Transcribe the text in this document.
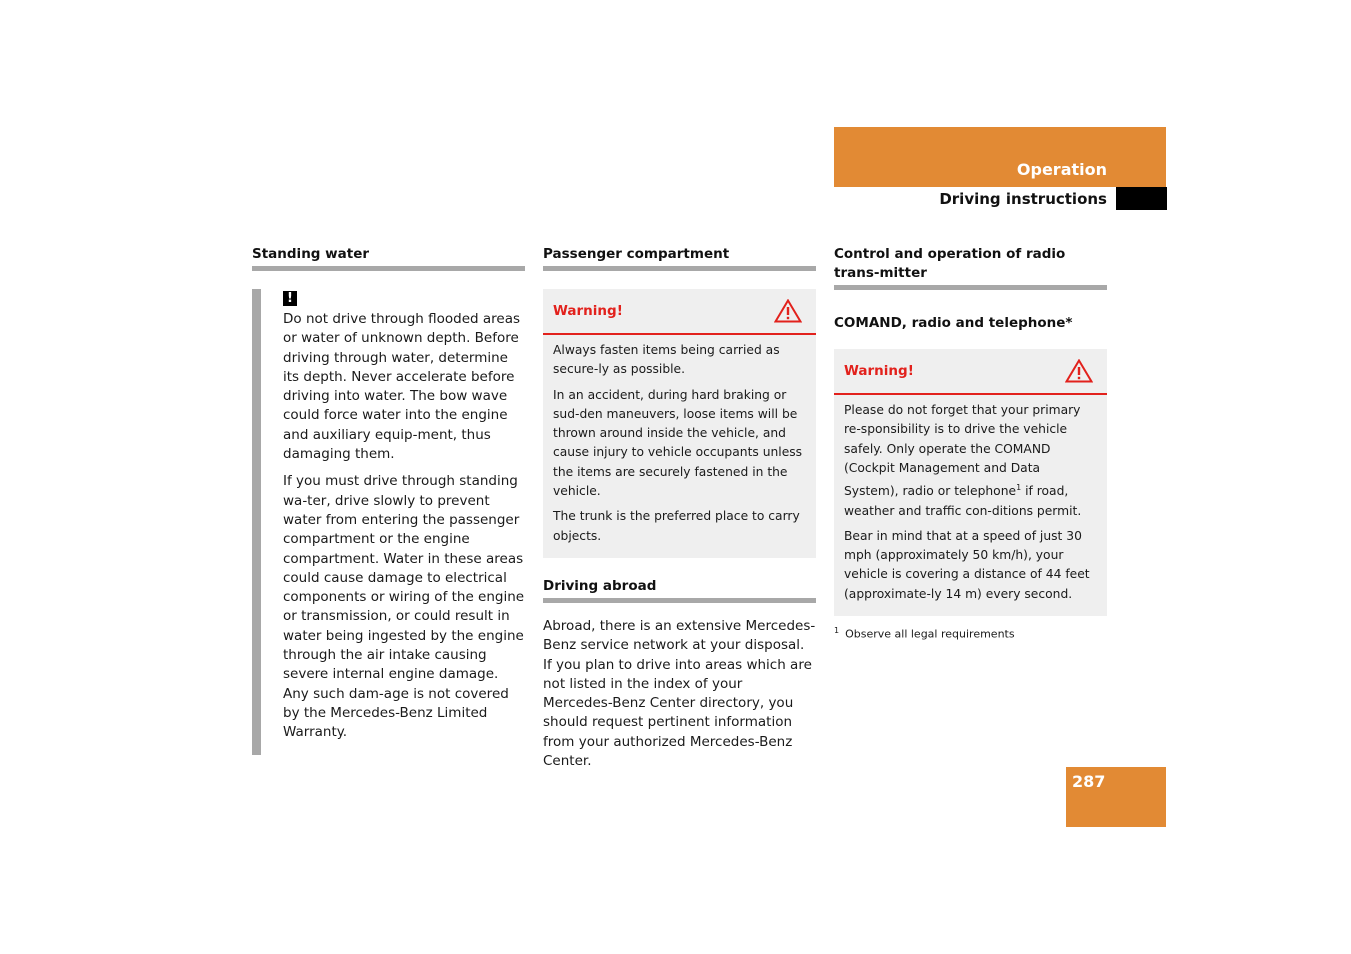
Operation
Driving instructions
Standing water
!

Do not drive through flooded areas or water of unknown depth. Before driving through water, determine its depth. Never accelerate before driving into water. The bow wave could force water into the engine and auxiliary equip-ment, thus damaging them.

If you must drive through standing wa-ter, drive slowly to prevent water from entering the passenger compartment or the engine compartment. Water in these areas could cause damage to electrical components or wiring of the engine or transmission, or could result in water being ingested by the engine through the air intake causing severe internal engine damage. Any such dam-age is not covered by the Mercedes-Benz Limited Warranty.

Passenger compartment
Warning!

Always fasten items being carried as secure-ly as possible.

In an accident, during hard braking or sud-den maneuvers, loose items will be thrown around inside the vehicle, and cause injury to vehicle occupants unless the items are securely fastened in the vehicle.

The trunk is the preferred place to carry objects.

Driving abroad
Abroad, there is an extensive Mercedes-Benz service network at your disposal. If you plan to drive into areas which are not listed in the index of your Mercedes-Benz Center directory, you should request pertinent information from your authorized Mercedes-Benz Center.
Control and operation of radio trans-mitter
COMAND, radio and telephone*
Warning!

Please do not forget that your primary re-sponsibility is to drive the vehicle safely. Only operate the COMAND (Cockpit Management and Data System), radio or telephone$^1$ if road, weather and traffic con-ditions permit.

Bear in mind that at a speed of just 30 mph (approximately 50 km/h), your vehicle is covering a distance of 44 feet (approximate-ly 14 m) every second.

$^1$ Observe all legal requirements
287
